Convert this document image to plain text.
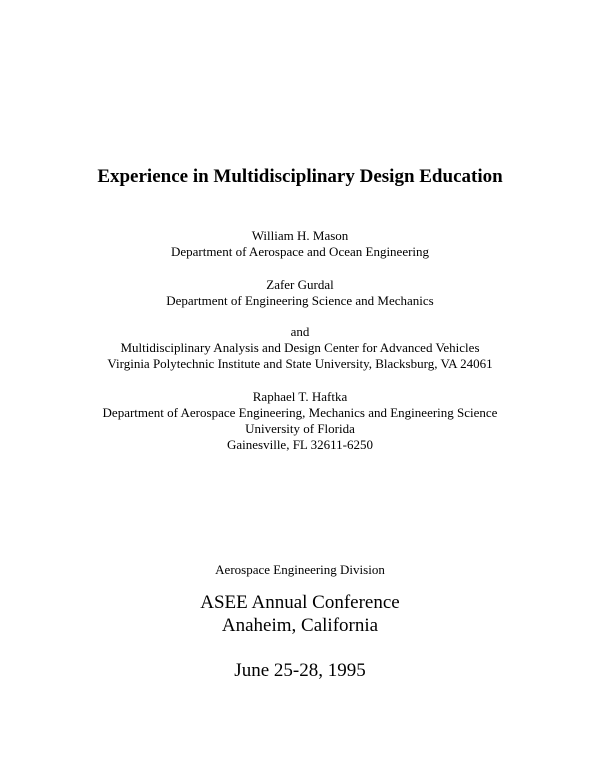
Experience in Multidisciplinary Design Education
William H. Mason
Department of Aerospace and Ocean Engineering
Zafer Gurdal
Department of Engineering Science and Mechanics
and
Multidisciplinary Analysis and Design Center for Advanced Vehicles
Virginia Polytechnic Institute and State University, Blacksburg, VA 24061
Raphael T. Haftka
Department of Aerospace Engineering, Mechanics and Engineering Science
University of Florida
Gainesville, FL 32611-6250
Aerospace Engineering Division
ASEE Annual Conference
Anaheim, California
June 25-28, 1995
